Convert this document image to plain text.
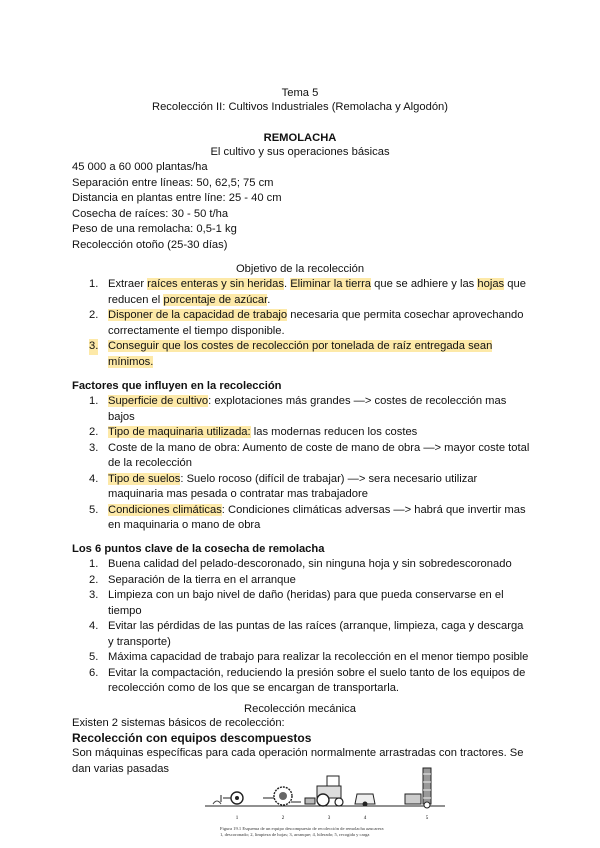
Tema 5
Recolección II: Cultivos Industriales (Remolacha y Algodón)
REMOLACHA
El cultivo y sus operaciones básicas
45 000 a 60 000 plantas/ha
Separación entre líneas: 50, 62,5; 75 cm
Distancia en plantas entre líne: 25 - 40 cm
Cosecha de raíces: 30 - 50 t/ha
Peso de una remolacha: 0,5-1 kg
Recolección otoño (25-30 días)
Objetivo de la recolección
1. Extraer raíces enteras y sin heridas. Eliminar la tierra que se adhiere y las hojas que
reducen el porcentaje de azúcar.
2. Disponer de la capacidad de trabajo necesaria que permita cosechar aprovechando
correctamente el tiempo disponible.
3. Conseguir que los costes de recolección por tonelada de raíz entregada sean
mínimos.
Factores que influyen en la recolección
1. Superficie de cultivo: explotaciones más grandes —> costes de recolección mas
bajos
2. Tipo de maquinaria utilizada: las modernas reducen los costes
3. Coste de la mano de obra: Aumento de coste de mano de obra —> mayor coste total
de la recolección
4. Tipo de suelos: Suelo rocoso (difícil de trabajar) —> sera necesario utilizar
maquinaria mas pesada o contratar mas trabajadore
5. Condiciones climáticas: Condiciones climáticas adversas —> habrá que invertir mas
en maquinaria o mano de obra
Los 6 puntos clave de la cosecha de remolacha
1. Buena calidad del pelado-descoronado, sin ninguna hoja y sin sobredescoronado
2. Separación de la tierra en el arranque
3. Limpieza con un bajo nivel de daño (heridas) para que pueda conservarse en el
tiempo
4. Evitar las pérdidas de las puntas de las raíces (arranque, limpieza, caga y descarga
y transporte)
5. Máxima capacidad de trabajo para realizar la recolección en el menor tiempo posible
6. Evitar la compactación, reduciendo la presión sobre el suelo tanto de los equipos de
recolección como de los que se encargan de transportarla.
Recolección mecánica
Existen 2 sistemas básicos de recolección:
Recolección con equipos descompuestos
Son máquinas específicas para cada operación normalmente arrastradas con tractores. Se
dan varias pasadas
1	2	3	4	5
Figura 19.1 Esquema de un equipo descompuesto de recolección de remolacha azucarera
1, descoronado; 2, limpieza de hojas; 3, arranque; 4, hilerado; 5, recogida y carga
